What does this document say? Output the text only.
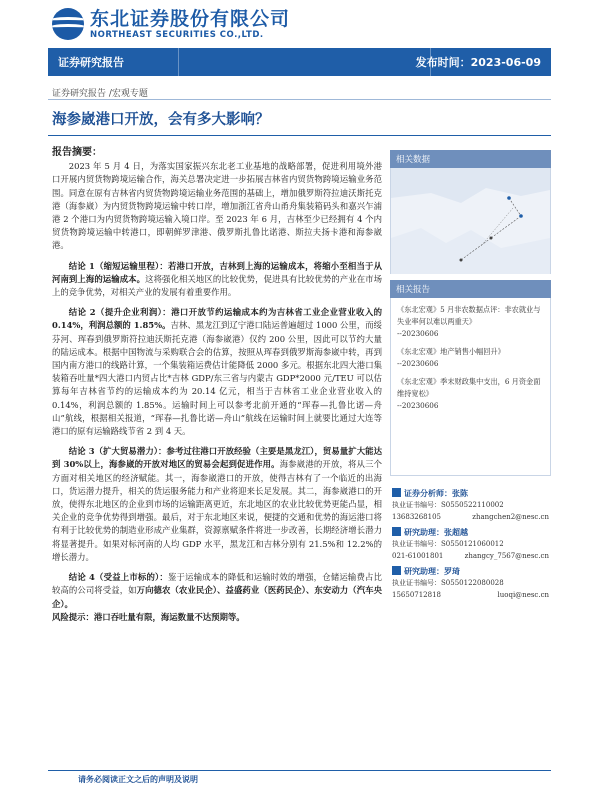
东北证券股份有限公司
NORTHEAST SECURITIES CO.,LTD.
证券研究报告	发布时间：2023-06-09
证券研究报告 /宏观专题
海参崴港口开放，会有多大影响？
报告摘要：

2023 年 5 月 4 日，为落实国家振兴东北老工业基地的战略部署，促进利用境外港口开展内贸货物跨境运输合作，海关总署决定进一步拓展吉林省内贸货物跨境运输业务范围。同意在原有吉林省内贸货物跨境运输业务范围的基础上，增加俄罗斯符拉迪沃斯托克港（海参崴）为内贸货物跨境运输中转口岸，增加浙江省舟山甬舟集装箱码头和嘉兴乍浦港 2 个港口为内贸货物跨境运输入境口岸。至 2023 年 6 月，吉林至少已经拥有 4 个内贸货物跨境运输中转港口，即朝鲜罗津港、俄罗斯扎鲁比诺港、斯拉夫扬卡港和海参崴港。

结论 1（缩短运输里程）：若港口开放，吉林到上海的运输成本，将缩小至相当于从河南到上海的运输成本。这将强化相关地区的比较优势，促进具有比较优势的产业在市场上的竞争优势，对相关产业的发展有着重要作用。

结论 2（提升企业利润）：港口开放节约运输成本约为吉林省工业企业营业收入的 0.14%，利润总额的 1.85%。吉林、黑龙江到辽宁港口陆运普遍超过 1000 公里，而绥芬河、珲春到俄罗斯符拉迪沃斯托克港（海参崴港）仅约 200 公里，因此可以节约大量的陆运成本。根据中国物流与采购联合会的估算，按照从珲春到俄罗斯海参崴中转，再到国内南方港口的线路计算，一个集装箱运费估计能降低 2000 多元。根据东北四大港口集装箱吞吐量*四大港口内贸占比*吉林 GDP/东三省与内蒙古 GDP*2000 元/TEU 可以估算每年吉林省节约的运输成本约为 20.14 亿元，相当于吉林省工业企业营业收入的 0.14%，利润总额的 1.85%。运输时间上可以参考北前开通的“珲春—扎鲁比诺—舟山”航线，根据相关报道，“珲春—扎鲁比诺—舟山”航线在运输时间上就要比通过大连等港口的原有运输路线节省 2 到 4 天。

结论 3（扩大贸易潜力）：参考过往港口开放经验（主要是黑龙江），贸易量扩大能达到 30%以上，海参崴的开放对地区的贸易会起到促进作用。海参崴港的开放，将从三个方面对相关地区的经济赋能。其一，海参崴港口的开放，使得吉林有了一个临近的出海口，货运潜力提升，相关的货运服务能力和产业将迎来长足发展。其二，海参崴港口的开放，使得东北地区的企业到市场的运输距离更近，东北地区的农业比较优势更能凸显，相关企业的竞争优势得到增强。最后，对于东北地区来说，便捷的交通和优势的海运港口将有利于比较优势的制造业形成产业集群，资源禀赋条件将进一步改善，长期经济增长潜力将显著提升。如果对标河南的人均 GDP 水平，黑龙江和吉林分别有 21.5%和 12.2%的增长潜力。

结论 4（受益上市标的）：鉴于运输成本的降低和运输时效的增强，仓储运输费占比较高的公司将受益，如万向德农（农业民企）、益盛药业（医药民企）、东安动力（汽车央企）。

风险提示：港口吞吐量有限，海运数量不达预期等。

相关数据
相关报告
《东北宏观》5 月非农数据点评：非农就业与失业率何以难以两重天》
--20230606
《东北宏观》地产销售小幅回升》
--20230606
《东北宏观》季末财政集中支出，6 月资金面维持宽松》
--20230606
证券分析师：张陈
执业证书编号：S0550522110002
13683268105	zhangchen2@nesc.cn
研究助理：张超越
执业证书编号：S0550121060012
021-61001801	zhangcy_7567@nesc.cn
研究助理：罗琦
执业证书编号：S0550122080028
15650712818	luoqi@nesc.cn
请务必阅读正文之后的声明及说明
